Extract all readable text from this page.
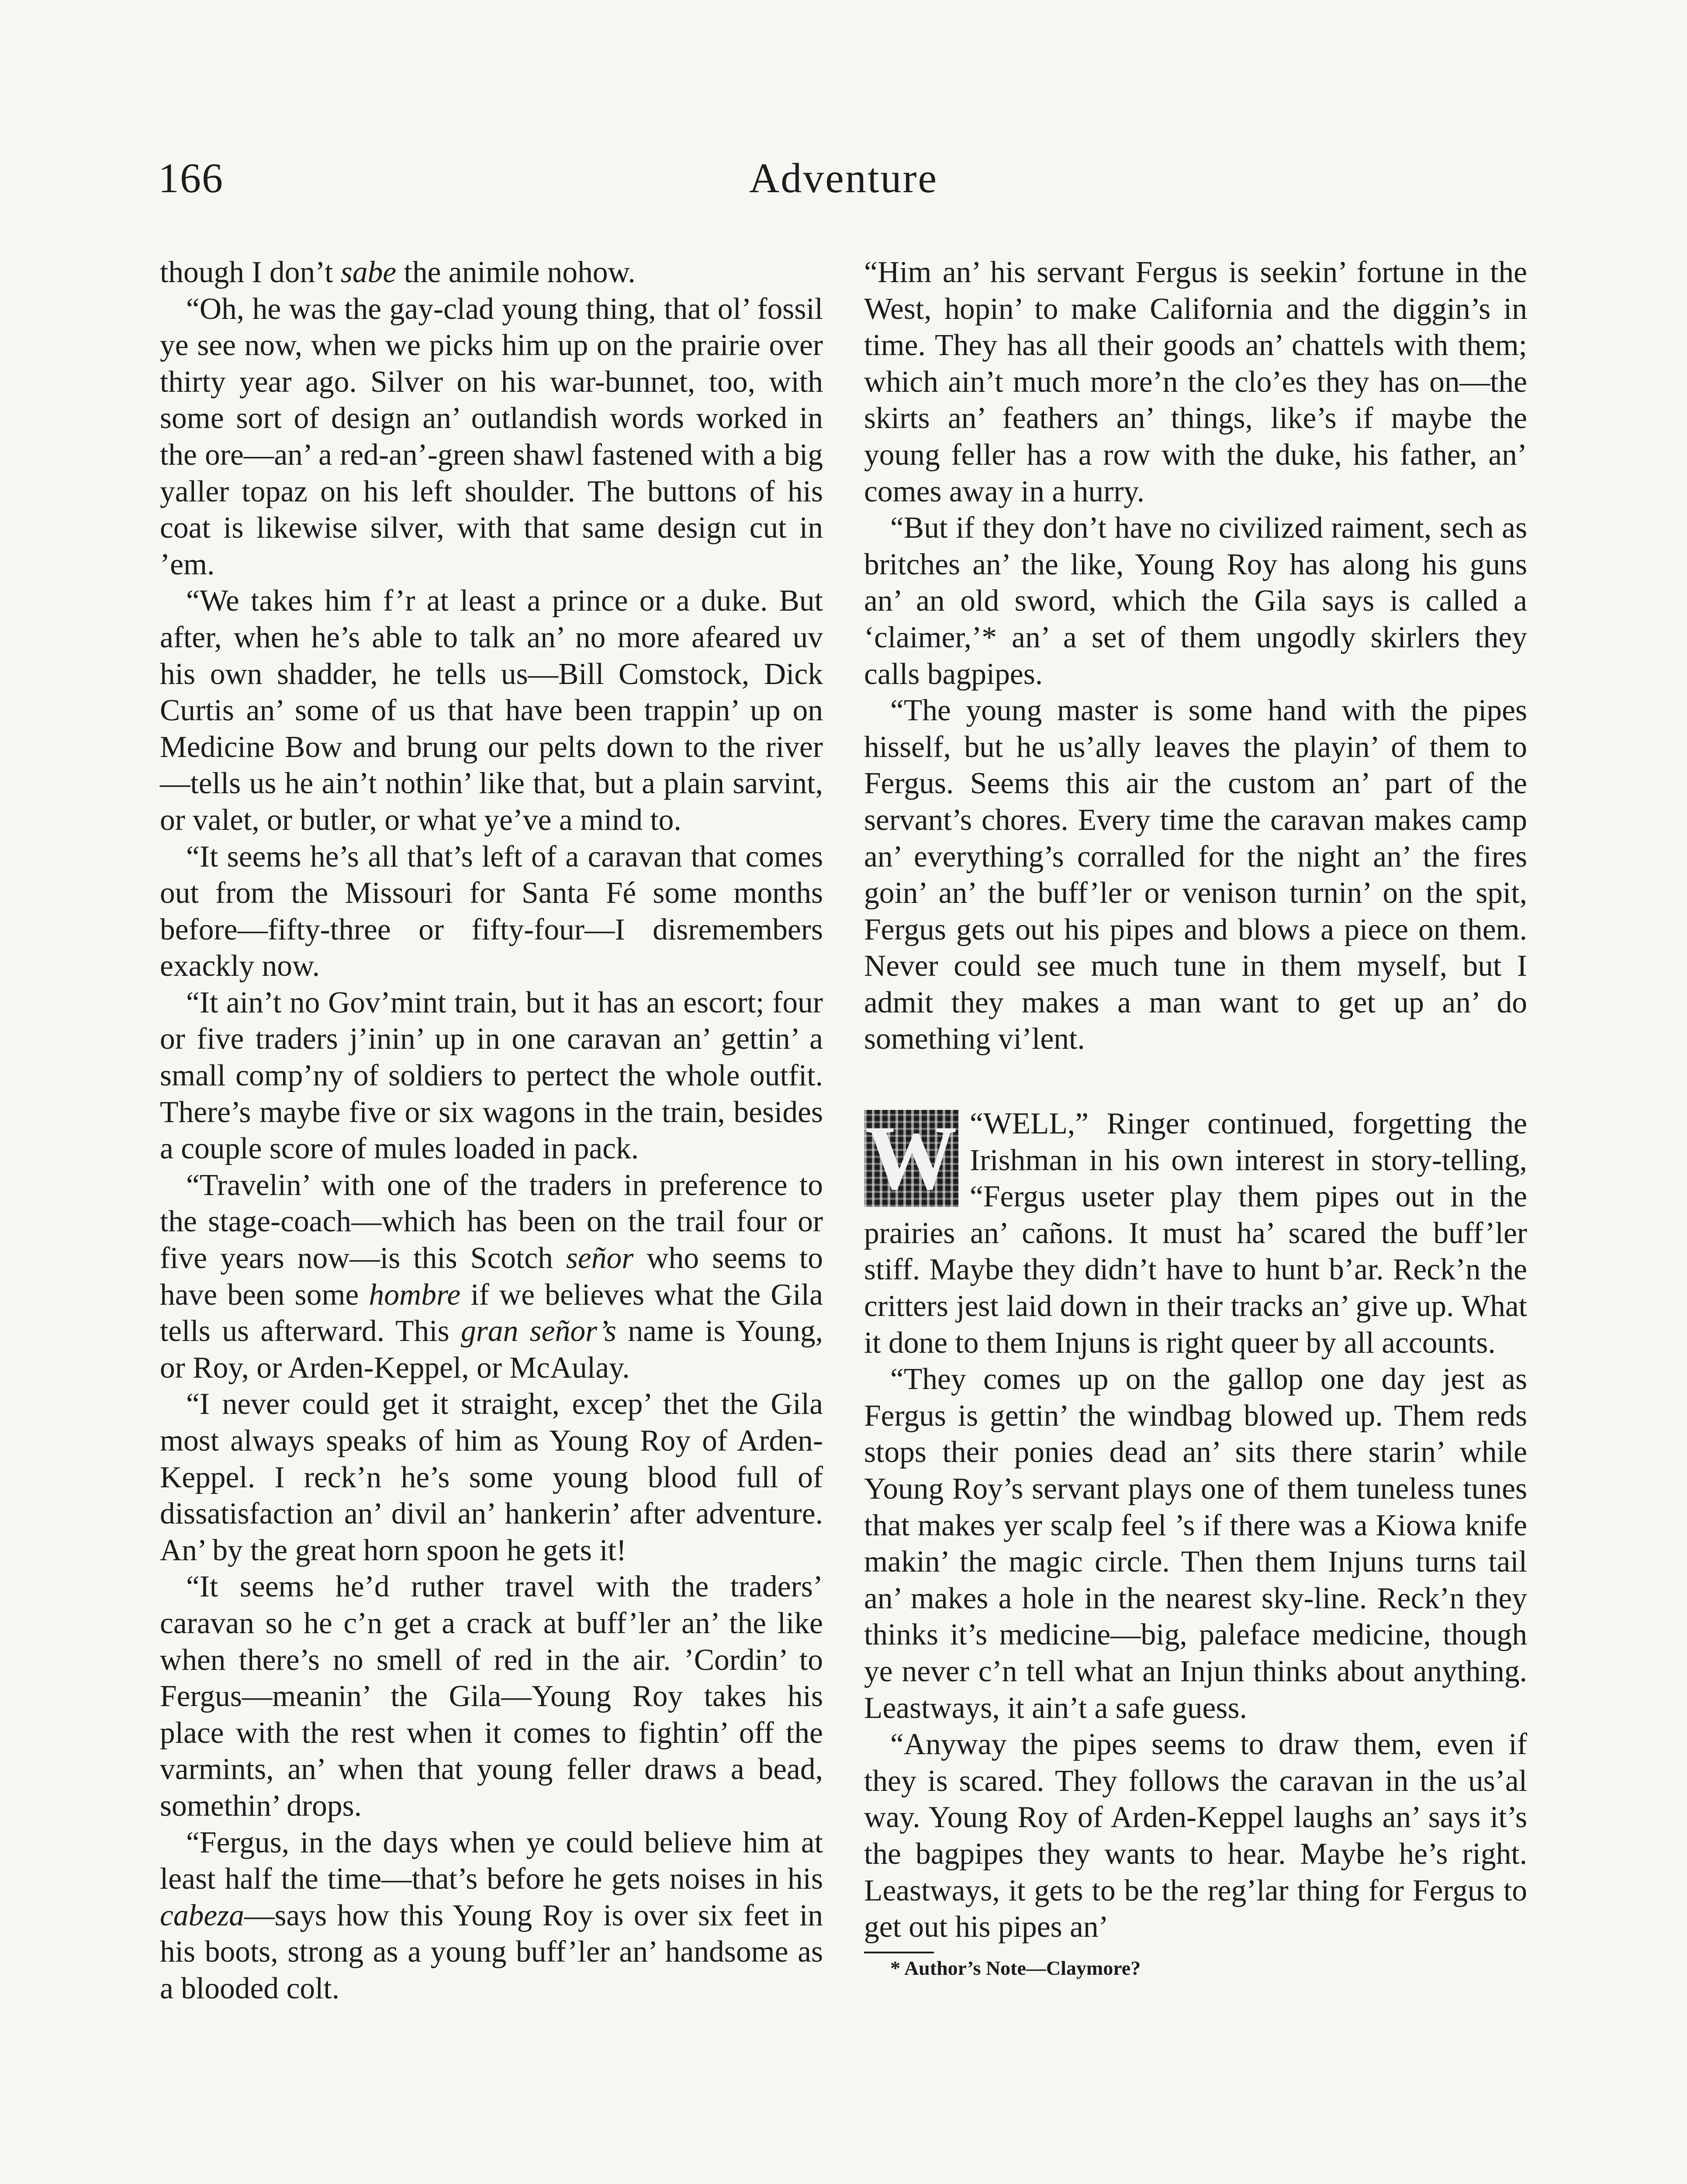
166	Adventure

though I don’t sabe the animile nohow.

“Oh, he was the gay-clad young thing, that ol’ fossil ye see now, when we picks him up on the prairie over thirty year ago. Silver on his war-bunnet, too, with some sort of design an’ outlandish words worked in the ore—an’ a red-an’-green shawl fastened with a big yaller topaz on his left shoulder. The buttons of his coat is likewise silver, with that same design cut in ’em.

“We takes him f’r at least a prince or a duke. But after, when he’s able to talk an’ no more afeared uv his own shadder, he tells us—Bill Comstock, Dick Curtis an’ some of us that have been trappin’ up on Medicine Bow and brung our pelts down to the river—tells us he ain’t nothin’ like that, but a plain sarvint, or valet, or butler, or what ye’ve a mind to.

“It seems he’s all that’s left of a caravan that comes out from the Missouri for Santa Fé some months before—fifty-three or fifty-four—I disremembers exackly now.

“It ain’t no Gov’mint train, but it has an escort; four or five traders j’inin’ up in one caravan an’ gettin’ a small comp’ny of soldiers to pertect the whole outfit. There’s maybe five or six wagons in the train, besides a couple score of mules loaded in pack.

“Travelin’ with one of the traders in preference to the stage-coach—which has been on the trail four or five years now—is this Scotch señor who seems to have been some hombre if we believes what the Gila tells us afterward. This gran señor’s name is Young, or Roy, or Arden-Keppel, or McAulay.

“I never could get it straight, excep’ thet the Gila most always speaks of him as Young Roy of Arden-Keppel. I reck’n he’s some young blood full of dissatisfaction an’ divil an’ hankerin’ after adventure. An’ by the great horn spoon he gets it!

“It seems he’d ruther travel with the traders’ caravan so he c’n get a crack at buff’ler an’ the like when there’s no smell of red in the air. ’Cordin’ to Fergus—meanin’ the Gila—Young Roy takes his place with the rest when it comes to fightin’ off the varmints, an’ when that young feller draws a bead, somethin’ drops.

“Fergus, in the days when ye could believe him at least half the time—that’s before he gets noises in his cabeza—says how this Young Roy is over six feet in his boots, strong as a young buff’ler an’ handsome as a blooded colt.

“Him an’ his servant Fergus is seekin’ fortune in the West, hopin’ to make California and the diggin’s in time. They has all their goods an’ chattels with them; which ain’t much more’n the clo’es they has on—the skirts an’ feathers an’ things, like’s if maybe the young feller has a row with the duke, his father, an’ comes away in a hurry.

“But if they don’t have no civilized raiment, sech as britches an’ the like, Young Roy has along his guns an’ an old sword, which the Gila says is called a ‘claimer,’* an’ a set of them ungodly skirlers they calls bagpipes.

“The young master is some hand with the pipes hisself, but he us’ally leaves the playin’ of them to Fergus. Seems this air the custom an’ part of the servant’s chores. Every time the caravan makes camp an’ everything’s corralled for the night an’ the fires goin’ an’ the buff’ler or venison turnin’ on the spit, Fergus gets out his pipes and blows a piece on them. Never could see much tune in them myself, but I admit they makes a man want to get up an’ do something vi’lent.

W “WELL,” Ringer continued, forgetting the Irishman in his own interest in story-telling, “Fergus useter play them pipes out in the prairies an’ cañons. It must ha’ scared the buff’ler stiff. Maybe they didn’t have to hunt b’ar. Reck’n the critters jest laid down in their tracks an’ give up. What it done to them Injuns is right queer by all accounts.

“They comes up on the gallop one day jest as Fergus is gettin’ the windbag blowed up. Them reds stops their ponies dead an’ sits there starin’ while Young Roy’s servant plays one of them tuneless tunes that makes yer scalp feel ’s if there was a Kiowa knife makin’ the magic circle. Then them Injuns turns tail an’ makes a hole in the nearest sky-line. Reck’n they thinks it’s medicine—big, paleface medicine, though ye never c’n tell what an Injun thinks about anything. Leastways, it ain’t a safe guess.

“Anyway the pipes seems to draw them, even if they is scared. They follows the caravan in the us’al way. Young Roy of Arden-Keppel laughs an’ says it’s the bagpipes they wants to hear. Maybe he’s right. Leastways, it gets to be the reg’lar thing for Fergus to get out his pipes an’

* Author’s Note—Claymore?
